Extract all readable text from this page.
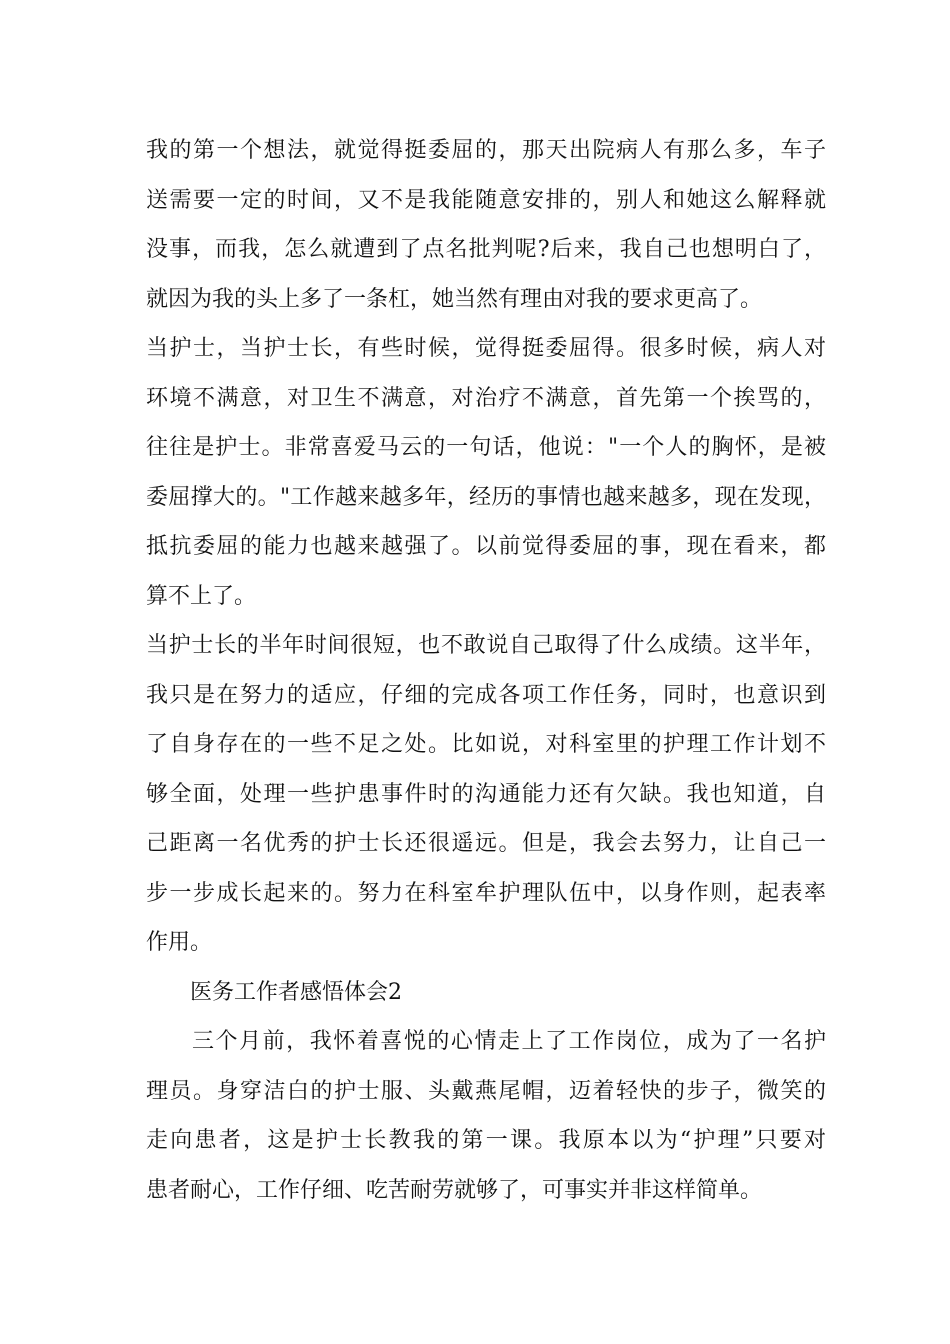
我的第一个想法，就觉得挺委屈的，那天出院病人有那么多，车子
送需要一定的时间，又不是我能随意安排的，别人和她这么解释就
没事，而我，怎么就遭到了点名批判呢?后来，我自己也想明白了，
就因为我的头上多了一条杠，她当然有理由对我的要求更高了。
当护士，当护士长，有些时候，觉得挺委屈得。很多时候，病人对
环境不满意，对卫生不满意，对治疗不满意，首先第一个挨骂的，
往往是护士。非常喜爱马云的一句话，他说："一个人的胸怀，是被
委屈撑大的。"工作越来越多年，经历的事情也越来越多，现在发现，
抵抗委屈的能力也越来越强了。以前觉得委屈的事，现在看来，都
算不上了。
当护士长的半年时间很短，也不敢说自己取得了什么成绩。这半年，
我只是在努力的适应，仔细的完成各项工作任务，同时，也意识到
了自身存在的一些不足之处。比如说，对科室里的护理工作计划不
够全面，处理一些护患事件时的沟通能力还有欠缺。我也知道，自
己距离一名优秀的护士长还很遥远。但是，我会去努力，让自己一
步一步成长起来的。努力在科室牟护理队伍中，以身作则，起表率
作用。
医务工作者感悟体会2
三个月前，我怀着喜悦的心情走上了工作岗位，成为了一名护
理员。身穿洁白的护士服、头戴燕尾帽，迈着轻快的步子，微笑的
走向患者，这是护士长教我的第一课。我原本以为“护理”只要对
患者耐心，工作仔细、吃苦耐劳就够了，可事实并非这样简单。
